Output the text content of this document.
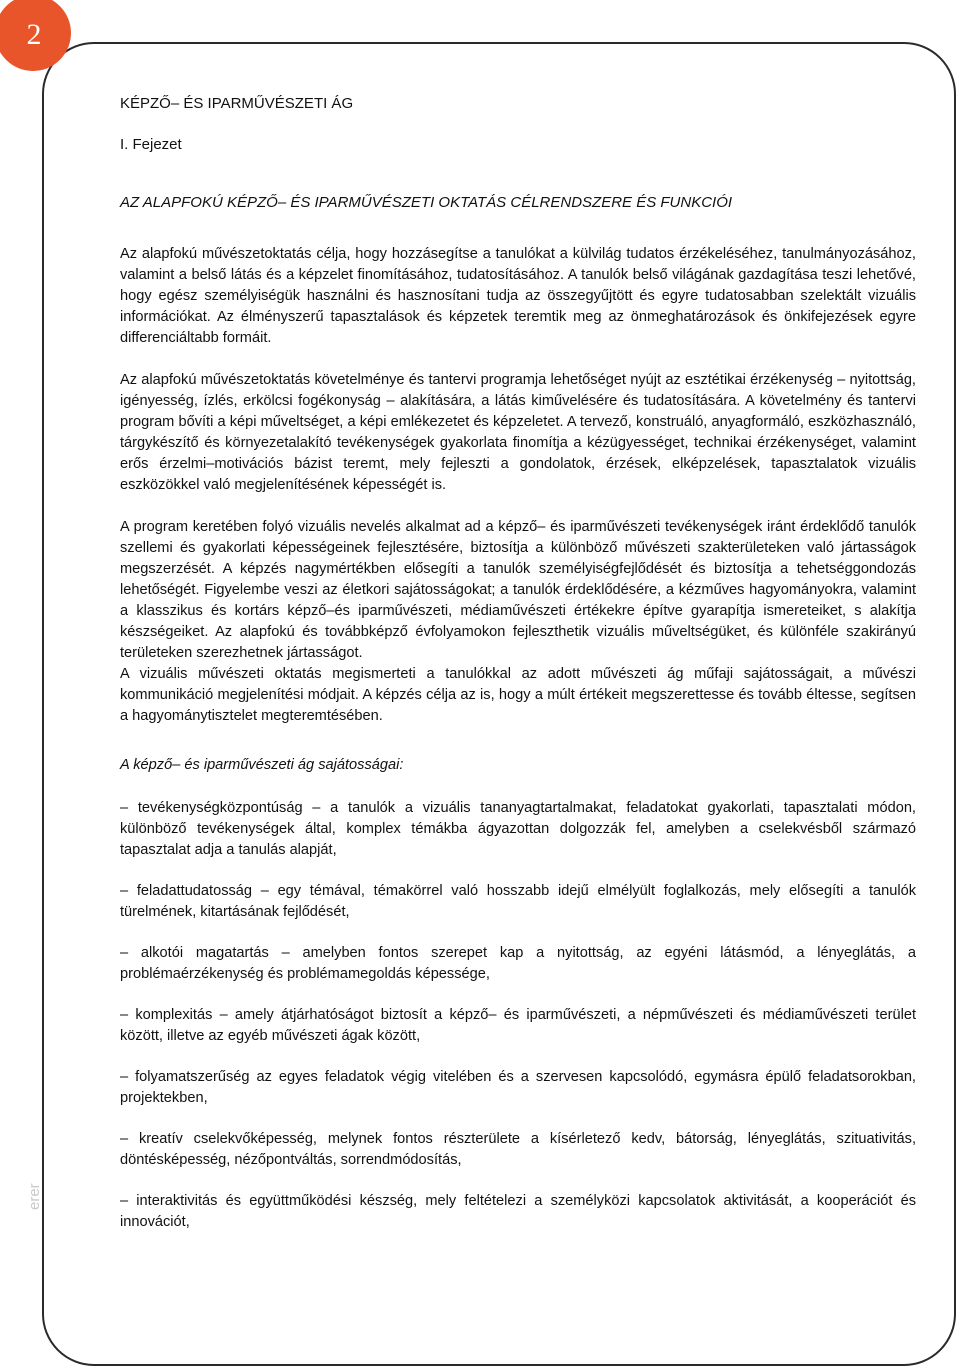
2
erer
KÉPZŐ– ÉS IPARMŰVÉSZETI ÁG
I. Fejezet
AZ ALAPFOKÚ KÉPZŐ– ÉS IPARMŰVÉSZETI OKTATÁS CÉLRENDSZERE ÉS FUNKCIÓI

Az alapfokú művészetoktatás célja, hogy hozzásegítse a tanulókat a külvilág tudatos érzékeléséhez, tanulmányozásához, valamint a belső látás és a képzelet finomításához, tudatosításához. A tanulók belső világának gazdagítása teszi lehetővé, hogy egész személyiségük használni és hasznosítani tudja az összegyűjtött és egyre tudatosabban szelektált vizuális információkat. Az élményszerű tapasztalások és képzetek teremtik meg az önmeghatározások és önkifejezések egyre differenciáltabb formáit.

Az alapfokú művészetoktatás követelménye és tantervi programja lehetőséget nyújt az esztétikai érzékenység – nyitottság, igényesség, ízlés, erkölcsi fogékonyság – alakítására, a látás kiművelésére és tudatosítására. A követelmény és tantervi program bővíti a képi műveltséget, a képi emlékezetet és képzeletet. A tervező, konstruáló, anyagformáló, eszközhasználó, tárgykészítő és környezetalakító tevékenységek gyakorlata finomítja a kézügyességet, technikai érzékenységet, valamint erős érzelmi–motivációs bázist teremt, mely fejleszti a gondolatok, érzések, elképzelések, tapasztalatok vizuális eszközökkel való megjelenítésének képességét is.

A program keretében folyó vizuális nevelés alkalmat ad a képző– és iparművészeti tevékenységek iránt érdeklődő tanulók szellemi és gyakorlati képességeinek fejlesztésére, biztosítja a különböző művészeti szakterületeken való jártasságok megszerzését. A képzés nagymértékben elősegíti a tanulók személyiségfejlődését és biztosítja a tehetséggondozás lehetőségét. Figyelembe veszi az életkori sajátosságokat; a tanulók érdeklődésére, a kézműves hagyományokra, valamint a klasszikus és kortárs képző–és iparművészeti, médiaművészeti értékekre építve gyarapítja ismereteiket, s alakítja készségeiket. Az alapfokú és továbbképző évfolyamokon fejleszthetik vizuális műveltségüket, és különféle szakirányú területeken szerezhetnek jártasságot.

A vizuális művészeti oktatás megismerteti a tanulókkal az adott művészeti ág műfaji sajátosságait, a művészi kommunikáció megjelenítési módjait. A képzés célja az is, hogy a múlt értékeit megszerettesse és tovább éltesse, segítsen a hagyománytisztelet megteremtésében.

A képző– és iparművészeti ág sajátosságai:

– tevékenységközpontúság – a tanulók a vizuális tananyagtartalmakat, feladatokat gyakorlati, tapasztalati módon, különböző tevékenységek által, komplex témákba ágyazottan dolgozzák fel, amelyben a cselekvésből származó tapasztalat adja a tanulás alapját,

– feladattudatosság – egy témával, témakörrel való hosszabb idejű elmélyült foglalkozás, mely elősegíti a tanulók türelmének, kitartásának fejlődését,

– alkotói magatartás – amelyben fontos szerepet kap a nyitottság, az egyéni látásmód, a lényeglátás, a problémaérzékenység és problémamegoldás képessége,

– komplexitás – amely átjárhatóságot biztosít a képző– és iparművészeti, a népművészeti és médiaművészeti terület között, illetve az egyéb művészeti ágak között,

– folyamatszerűség az egyes feladatok végig vitelében és a szervesen kapcsolódó, egymásra épülő feladatsorokban, projektekben,

– kreatív cselekvőképesség, melynek fontos részterülete a kísérletező kedv, bátorság, lényeglátás, szituativitás, döntésképesség, nézőpontváltás, sorrendmódosítás,

– interaktivitás és együttműködési készség, mely feltételezi a személyközi kapcsolatok aktivitását, a kooperációt és innovációt,
